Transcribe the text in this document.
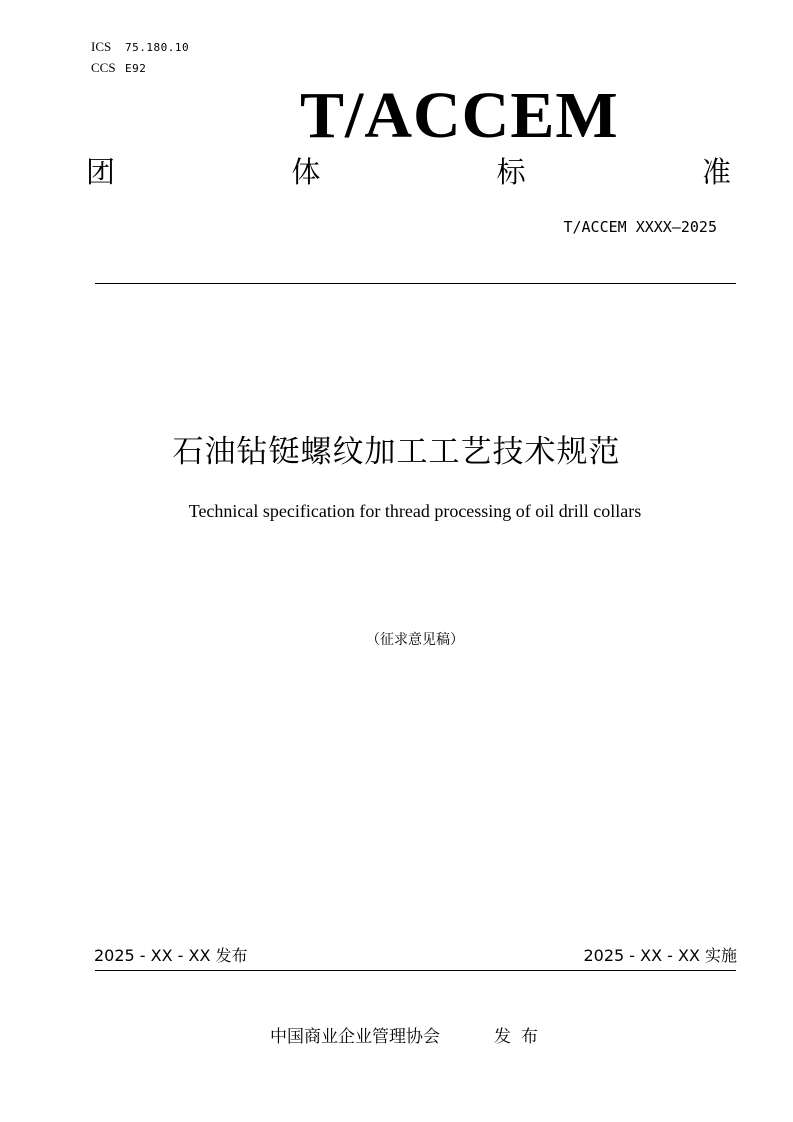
ICS 75.180.10
CCS E92
T/ACCEM
团	体	标	准
T/ACCEM XXXX—2025
石油钻铤螺纹加工工艺技术规范
Technical specification for thread processing of oil drill collars
（征求意见稿）
2025 - XX - XX 发布	2025 - XX - XX 实施
中国商业企业管理协会	发布
